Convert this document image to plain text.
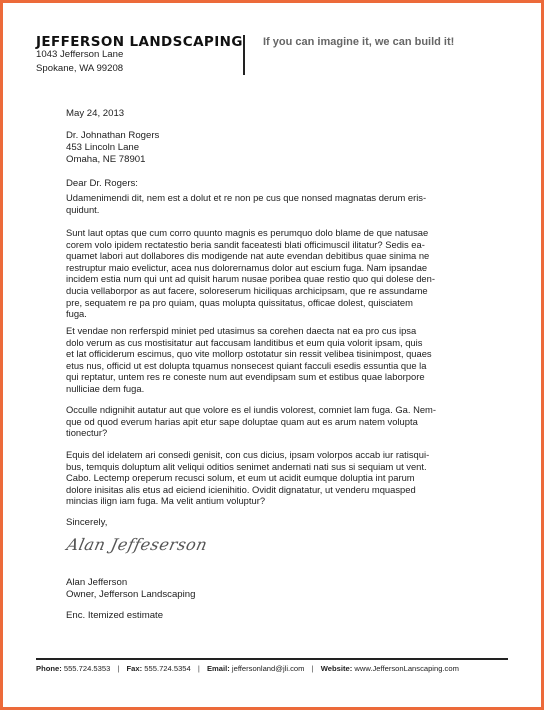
JEFFERSON LANDSCAPING
1043 Jefferson Lane
Spokane, WA 99208
If you can imagine it, we can build it!
May 24, 2013
Dr. Johnathan Rogers
453 Lincoln Lane
Omaha, NE 78901
Dear Dr. Rogers:
Udamenimendi dit, nem est a dolut et re non pe cus que nonsed magnatas derum eris-
quidunt.
Sunt laut optas que cum corro quunto magnis es perumquo dolo blame de que natusae
corem volo ipidem rectatestio beria sandit faceatesti blati officimuscil ilitatur? Sedis ea-
quamet labori aut dollabores dis modigende nat aute evendan debitibus quae sinima ne
restruptur maio evelictur, acea nus dolorernamus dolor aut escium fuga. Nam ipsandae
incidem estia num qui unt ad quisit harum nusae poribea quae restio quo qui dolese den-
ducia vellaborpor as aut facere, soloreserum hiciliquas archicipsam, que re assundame
pre, sequatem re pa pro quiam, quas molupta quissitatus, officae dolest, quisciatem
fuga.
Et vendae non rerferspid miniet ped utasimus sa corehen daecta nat ea pro cus ipsa
dolo verum as cus mostisitatur aut faccusam landitibus et eum quia volorit ipsam, quis
et lat officiderum escimus, quo vite mollorp ostotatur sin ressit velibea tisinimpost, quaes
etus nus, officid ut est dolupta tquamus nonsecest quiant facculi esedis essuntia que la
qui reptatur, untem res re coneste num aut evendipsam sum et estibus quae laborpore
nulliciae dem fuga.
Occulle ndignihit autatur aut que volore es el iundis volorest, comniet lam fuga. Ga. Nem-
que od quod everum harias apit etur sape doluptae quam aut es arum natem volupta
tionectur?
Equis del idelatem ari consedi genisit, con cus dicius, ipsam volorpos accab iur ratisqui-
bus, temquis doluptum alit veliqui oditios senimet andernati nati sus si sequiam ut vent.
Cabo. Lectemp oreperum recusci solum, et eum ut acidit eumque doluptia int parum
dolore inisitas alis etus ad eiciend icienihitio. Ovidit dignatatur, ut venderu mquasped
mincias ilign iam fuga. Ma velit antium voluptur?
Sincerely,
Alan Jeffeserson
Alan Jefferson
Owner, Jefferson Landscaping
Enc. Itemized estimate
Phone: 555.724.5353 | Fax: 555.724.5354 | Email: jeffersonland@jli.com | Website: www.JeffersonLanscaping.com
